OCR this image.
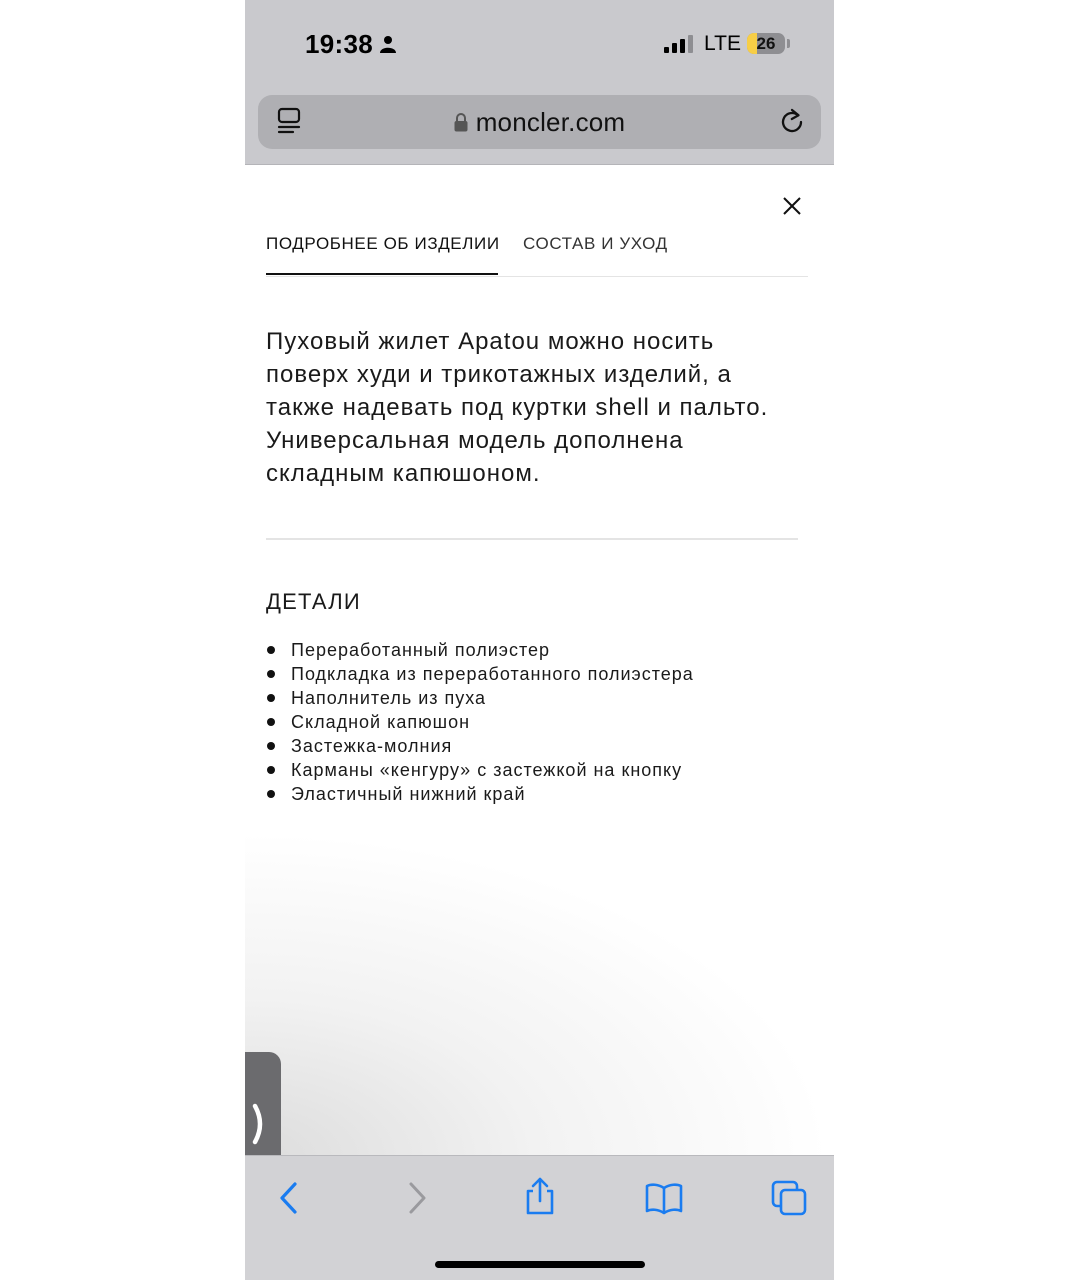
19:38	LTE 26
moncler.com
ПОДРОБНЕЕ ОБ ИЗДЕЛИИ СОСТАВ И УХОД

Пуховый жилет Apatou можно носить поверх худи и трикотажных изделий, а также надевать под куртки shell и пальто. Универсальная модель дополнена складным капюшоном.

ДЕТАЛИ
Переработанный полиэстер
Подкладка из переработанного полиэстера
Наполнитель из пуха
Складной капюшон
Застежка-молния
Карманы «кенгуру» с застежкой на кнопку
Эластичный нижний край
